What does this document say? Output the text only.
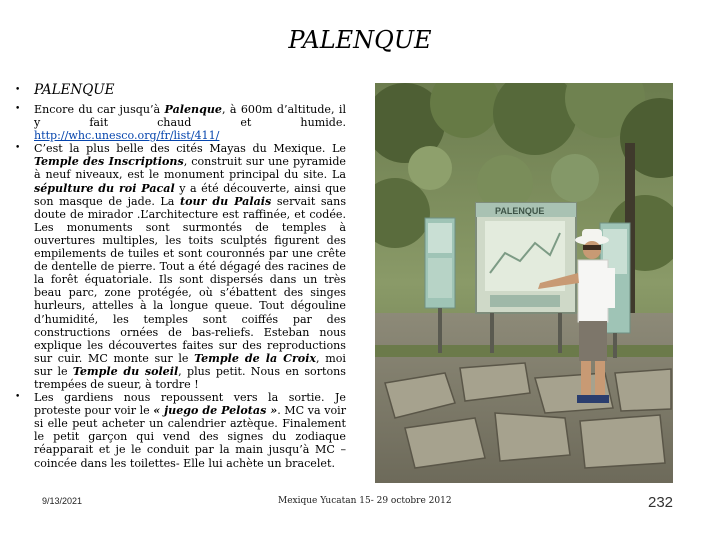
PALENQUE
• PALENQUE
• Encore du car jusqu’à Palenque, à 600m d’altitude, il y fait chaud et humide. http://whc.unesco.org/fr/list/411/
• C’est la plus belle des cités Mayas du Mexique. Le Temple des Inscriptions, construit sur une pyramide à neuf niveaux, est le monument principal du site. La sépulture du roi Pacal y a été découverte, ainsi que son masque de jade. La tour du Palais servait sans doute de mirador .L’architecture est raffinée, et codée. Les monuments sont surmontés de temples à ouvertures multiples, les toits sculptés figurent des empilements de tuiles et sont couronnés par une crête de dentelle de pierre. Tout a été dégagé des racines de la forêt équatoriale. Ils sont dispersés dans un très beau parc, zone protégée, où s’ébattent des singes hurleurs, attelles à la longue queue. Tout dégouline d’humidité, les temples sont coiffés par des constructions ornées de bas-reliefs. Esteban nous explique les découvertes faites sur des reproductions sur cuir. MC monte sur le Temple de la Croix, moi sur le Temple du soleil, plus petit. Nous en sortons trempées de sueur, à tordre !
• Les gardiens nous repoussent vers la sortie. Je proteste pour voir le « juego de Pelotas ». MC va voir si elle peut acheter un calendrier aztèque. Finalement le petit garçon qui vend des signes du zodiaque réapparait et je le conduit par la main jusqu’à MC – coincée dans les toilettes- Elle lui achète un bracelet.
PALENQUE
9/13/2021	Mexique Yucatan 15- 29 octobre 2012	232
